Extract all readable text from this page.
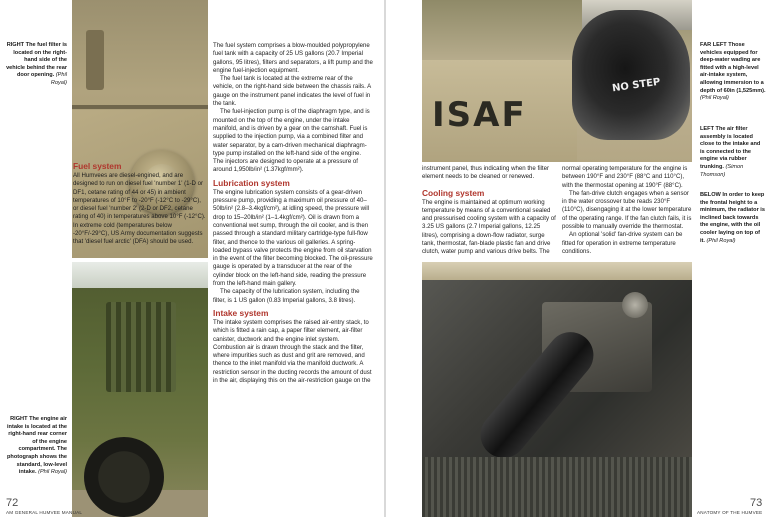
RIGHT The fuel filter is located on the right-hand side of the vehicle behind the rear door opening. (Phil Royal)
RIGHT The engine air intake is located at the right-hand rear corner of the engine compartment. The photograph shows the standard, low-level intake. (Phil Royal)
Fuel system

All Humvees are diesel-engined, and are designed to run on diesel fuel 'number 1' (1-D or DF1, cetane rating of 44 or 45) in ambient temperatures of 10°F to -20°F (-12°C to -29°C), or diesel fuel 'number 2' (2-D or DF2, cetane rating of 40) in temperatures above 10°F (-12°C). In extreme cold (temperatures below -20°F/-29°C), US Army documentation suggests that 'diesel fuel arctic' (DFA) should be used.

The fuel system comprises a blow-moulded polypropylene fuel tank with a capacity of 25 US gallons (20.7 Imperial gallons, 95 litres), filters and separators, a lift pump and the engine fuel-injection equipment.

The fuel tank is located at the extreme rear of the vehicle, on the right-hand side between the chassis rails. A gauge on the instrument panel indicates the level of fuel in the tank.

The fuel-injection pump is of the diaphragm type, and is mounted on the top of the engine, under the intake manifold, and is driven by a gear on the camshaft. Fuel is supplied to the injection pump, via a combined filter and water separator, by a cam-driven mechanical diaphragm-type pump installed on the left-hand side of the engine. The injectors are designed to operate at a pressure of around 1,950lb/in² (1.37kgf/mm²).

Lubrication system

The engine lubrication system consists of a gear-driven pressure pump, providing a maximum oil pressure of 40–50lb/in² (2.8–3.4kgf/cm²), at idling speed, the pressure will drop to 15–20lb/in² (1–1.4kgf/cm²). Oil is drawn from a conventional wet sump, through the oil cooler, and is then passed through a standard military cartridge-type full-flow filter, and thence to the various oil galleries. A spring-loaded bypass valve protects the engine from oil starvation in the event of the filter becoming blocked. The oil-pressure gauge is operated by a transducer at the rear of the cylinder block on the left-hand side, reading the pressure from the left-hand main gallery.

The capacity of the lubrication system, including the filter, is 1 US gallon (0.83 Imperial gallons, 3.8 litres).

Intake system

The intake system comprises the raised air-entry stack, to which is fitted a rain cap, a paper filter element, air-filter canister, ductwork and the engine inlet system. Combustion air is drawn through the stack and the filter, where impurities such as dust and grit are removed, and thence to the inlet manifold via the manifold ductwork. A restriction sensor in the ducting records the amount of dust in the air, displaying this on the air-restriction gauge on the

72
AM GENERAL HUMVEE MANUAL
ISAF
NO STEP

instrument panel, thus indicating when the filter element needs to be cleaned or renewed.

Cooling system

The engine is maintained at optimum working temperature by means of a conventional sealed and pressurised cooling system with a capacity of 3.25 US gallons (2.7 Imperial gallons, 12.25 litres), comprising a down-flow radiator, surge tank, thermostat, fan-blade plastic fan and drive clutch, water pump and various drive belts. The

normal operating temperature for the engine is between 190°F and 230°F (88°C and 110°C), with the thermostat opening at 190°F (88°C).

The fan-drive clutch engages when a sensor in the water crossover tube reads 230°F (110°C), disengaging it at the lower temperature of the operating range. If the fan clutch fails, it is possible to manually override the thermostat.

An optional 'solid' fan-drive system can be fitted for operation in extreme temperature conditions.

FAR LEFT Those vehicles equipped for deep-water wading are fitted with a high-level air-intake system, allowing immersion to a depth of 60in (1,525mm). (Phil Royal)
LEFT The air filter assembly is located close to the intake and is connected to the engine via rubber trunking. (Simon Thomson)
BELOW In order to keep the frontal height to a minimum, the radiator is inclined back towards the engine, with the oil cooler laying on top of it. (Phil Royal)
73
ANATOMY OF THE HUMVEE
